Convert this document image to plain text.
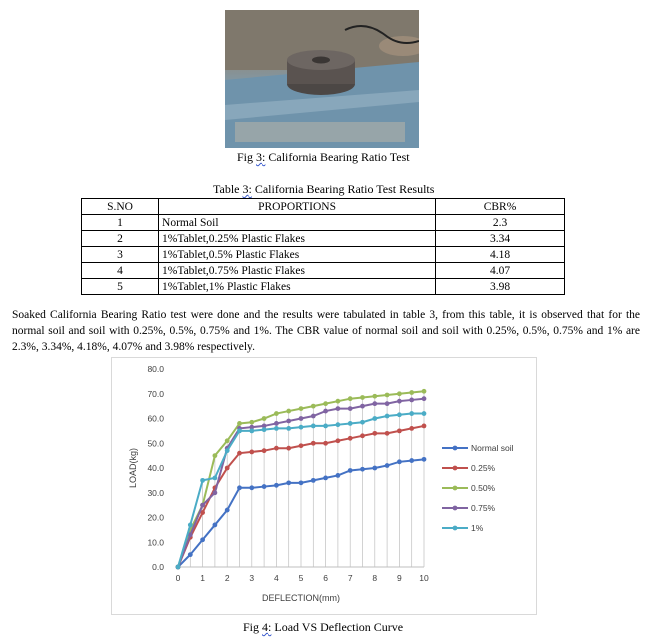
Fig 3: California Bearing Ratio Test
Table 3: California Bearing Ratio Test Results
S.NO	PROPORTIONS	CBR%
1	Normal Soil	2.3
2	1%Tablet,0.25% Plastic Flakes	3.34
3	1%Tablet,0.5% Plastic Flakes	4.18
4	1%Tablet,0.75% Plastic Flakes	4.07
5	1%Tablet,1% Plastic Flakes	3.98
Soaked California Bearing Ratio test were done and the results were tabulated in table 3, from this table, it is observed that for the normal soil and soil with 0.25%, 0.5%, 0.75% and 1%. The CBR value of normal soil and soil with 0.25%, 0.5%, 0.75% and 1% are 2.3%, 3.34%, 4.18%, 4.07% and 3.98% respectively.
0.0
10.0
20.0
30.0
40.0
50.0
60.0
70.0
80.0
0 1 2 3 4 5 6 7 8 9 10
DEFLECTION(mm)
LOAD(kg)	Normal soil
0.25%
0.50%
0.75%
1%
Fig 4: Load VS Deflection Curve
